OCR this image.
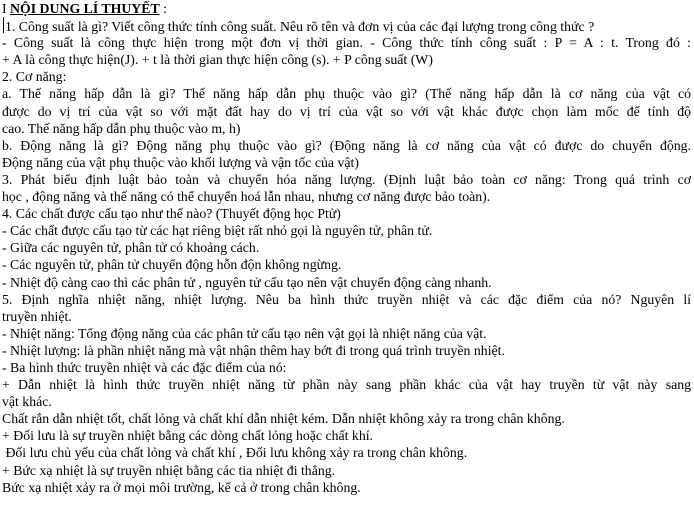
I NỘI DUNG LÍ THUYẾT :
1. Công suất là gì? Viết công thức tính công suất. Nêu rõ tên và đơn vị của các đại lượng trong công thức ?
- Công suất là công thực hiện trong một đơn vị thời gian. - Công thức tính công suất : P = A : t. Trong đó :
+ A là công thực hiện(J). + t là thời gian thực hiện công (s). + P công suất (W)
2. Cơ năng:
a. Thế năng hấp dẫn là gì? Thế năng hấp dẫn phụ thuộc vào gì? (Thế năng hấp dẫn là cơ năng của vật có
được do vị trí của vật so với mặt đất hay do vị trí của vật so với vật khác được chọn làm mốc để tính độ
cao. Thế năng hấp dẫn phụ thuộc vào m, h)
b. Động năng là gì? Động năng phụ thuộc vào gì? (Động năng là cơ năng của vật có được do chuyển động.
Động năng của vật phụ thuộc vào khối lượng và vận tốc của vật)
3. Phát biểu định luật bảo toàn và chuyển hóa năng lượng. (Định luật bảo toàn cơ năng: Trong quá trình cơ
học , động năng và thế năng có thể chuyển hoá lẫn nhau, nhưng cơ năng được bảo toàn).
4. Các chất được cấu tạo như thế nào? (Thuyết động học Ptử)
- Các chất được cấu tạo từ các hạt riêng biệt rất nhỏ gọi là nguyên tử, phân tử.
- Giữa các nguyên tử, phân tử có khoảng cách.
- Các nguyên tử, phân tử chuyển động hỗn độn không ngừng.
- Nhiệt độ càng cao thì các phân tử , nguyên tử cấu tạo nên vật chuyển động càng nhanh.
5. Định nghĩa nhiệt năng, nhiệt lượng. Nêu ba hình thức truyền nhiệt và các đặc điểm của nó? Nguyên lí
truyền nhiệt.
- Nhiệt năng: Tổng động năng của các phân tử cấu tạo nên vật gọi là nhiệt năng của vật.
- Nhiệt lượng: là phần nhiệt năng mà vật nhận thêm hay bớt đi trong quá trình truyền nhiệt.
- Ba hình thức truyền nhiệt và các đặc điểm của nó:
+ Dẫn nhiệt là hình thức truyền nhiệt năng từ phần này sang phần khác của vật hay truyền từ vật này sang
vật khác.
Chất rắn dẫn nhiệt tốt, chất lỏng và chất khí dẫn nhiệt kém. Dẫn nhiệt không xảy ra trong chân không.
+ Đối lưu là sự truyền nhiệt bằng các dòng chất lỏng hoặc chất khí.
Đối lưu chủ yếu của chất lỏng và chất khí , Đối lưu không xảy ra trong chân không.
+ Bức xạ nhiệt là sự truyền nhiệt bằng các tia nhiệt đi thẳng.
Bức xạ nhiệt xảy ra ở mọi môi trường, kể cả ở trong chân không.
